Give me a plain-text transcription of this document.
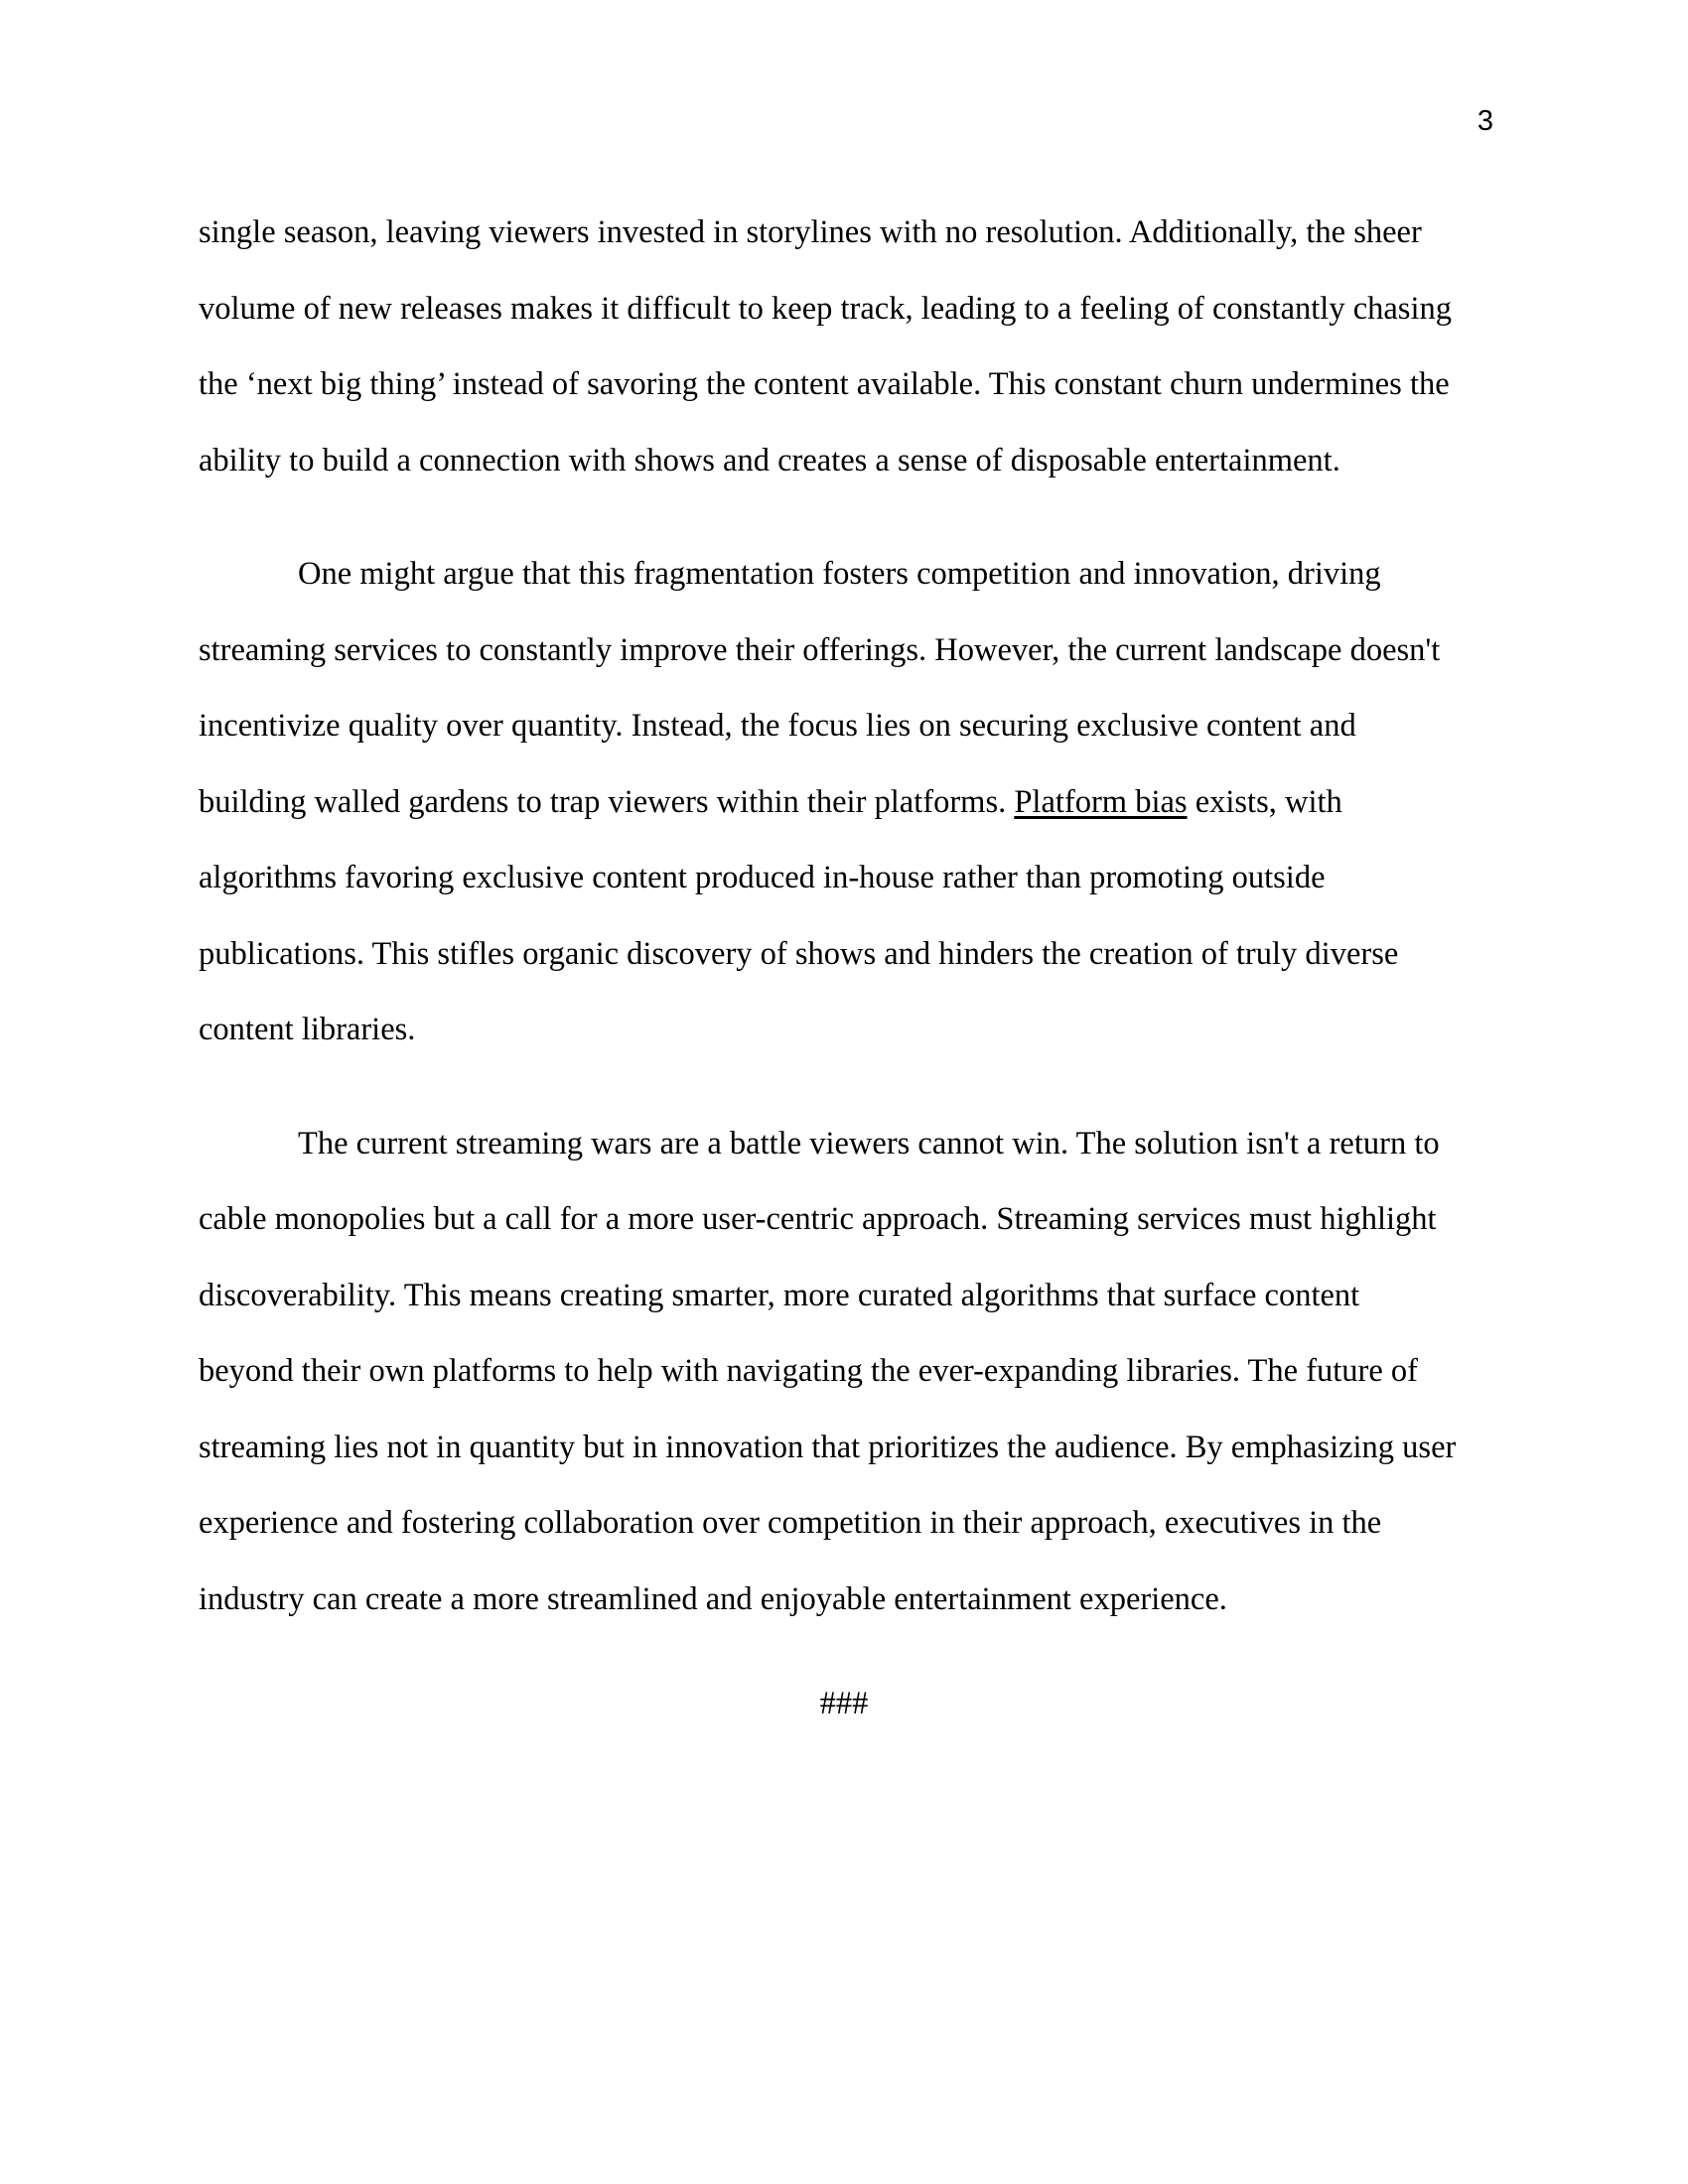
3
single season, leaving viewers invested in storylines with no resolution. Additionally, the sheer
volume of new releases makes it difficult to keep track, leading to a feeling of constantly chasing
the ‘next big thing’ instead of savoring the content available. This constant churn undermines the
ability to build a connection with shows and creates a sense of disposable entertainment.
One might argue that this fragmentation fosters competition and innovation, driving
streaming services to constantly improve their offerings. However, the current landscape doesn't
incentivize quality over quantity. Instead, the focus lies on securing exclusive content and
building walled gardens to trap viewers within their platforms. Platform bias exists, with
algorithms favoring exclusive content produced in-house rather than promoting outside
publications. This stifles organic discovery of shows and hinders the creation of truly diverse
content libraries.
The current streaming wars are a battle viewers cannot win. The solution isn't a return to
cable monopolies but a call for a more user-centric approach. Streaming services must highlight
discoverability. This means creating smarter, more curated algorithms that surface content
beyond their own platforms to help with navigating the ever-expanding libraries. The future of
streaming lies not in quantity but in innovation that prioritizes the audience. By emphasizing user
experience and fostering collaboration over competition in their approach, executives in the
industry can create a more streamlined and enjoyable entertainment experience.
###
